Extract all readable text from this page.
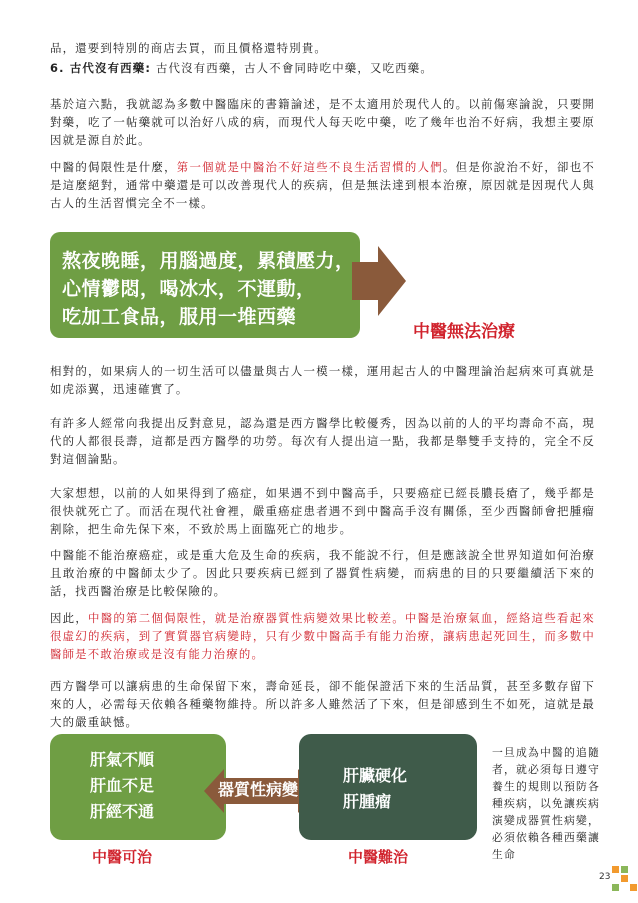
品，還要到特別的商店去買，而且價格還特別貴。

6. 古代沒有西藥: 古代沒有西藥，古人不會同時吃中藥，又吃西藥。

基於這六點，我就認為多數中醫臨床的書籍論述，是不太適用於現代人的。以前傷寒論說，只要開對藥，吃了一帖藥就可以治好八成的病，而現代人每天吃中藥，吃了幾年也治不好病，我想主要原因就是源自於此。

中醫的侷限性是什麼，第一個就是中醫治不好這些不良生活習慣的人們。但是你說治不好，卻也不是這麼絕對，通常中藥還是可以改善現代人的疾病，但是無法達到根本治療，原因就是因現代人與古人的生活習慣完全不一樣。

熬夜晚睡，用腦過度，累積壓力，
心情鬱悶，喝冰水，不運動，
吃加工食品，服用一堆西藥
中醫無法治療

相對的，如果病人的一切生活可以儘量與古人一模一樣，運用起古人的中醫理論治起病來可真就是如虎添翼，迅速確實了。

有許多人經常向我提出反對意見，認為還是西方醫學比較優秀，因為以前的人的平均壽命不高，現代的人都很長壽，這都是西方醫學的功勞。每次有人提出這一點，我都是舉雙手支持的，完全不反對這個論點。

大家想想，以前的人如果得到了癌症，如果遇不到中醫高手，只要癌症已經長膿長瘡了，幾乎都是很快就死亡了。而活在現代社會裡，嚴重癌症患者遇不到中醫高手沒有關係，至少西醫師會把腫瘤割除，把生命先保下來，不致於馬上面臨死亡的地步。

中醫能不能治療癌症，或是重大危及生命的疾病，我不能說不行，但是應該說全世界知道如何治療且敢治療的中醫師太少了。因此只要疾病已經到了器質性病變，而病患的目的只要繼續活下來的話，找西醫治療是比較保險的。

因此，中醫的第二個侷限性，就是治療器質性病變效果比較差。中醫是治療氣血，經絡這些看起來很虛幻的疾病，到了實質器官病變時，只有少數中醫高手有能力治療，讓病患起死回生，而多數中醫師是不敢治療或是沒有能力治療的。

西方醫學可以讓病患的生命保留下來，壽命延長，卻不能保證活下來的生活品質，甚至多數存留下來的人，必需每天依賴各種藥物維持。所以許多人雖然活了下來，但是卻感到生不如死，這就是最大的嚴重缺憾。

肝氣不順
肝血不足
肝經不通
器質性病變
肝臟硬化
肝腫瘤
中醫可治	中醫難治

一旦成為中醫的追隨者，就必須每日遵守養生的規則以預防各種疾病，以免讓疾病演變成器質性病變，必須依賴各種西藥讓生命

23
